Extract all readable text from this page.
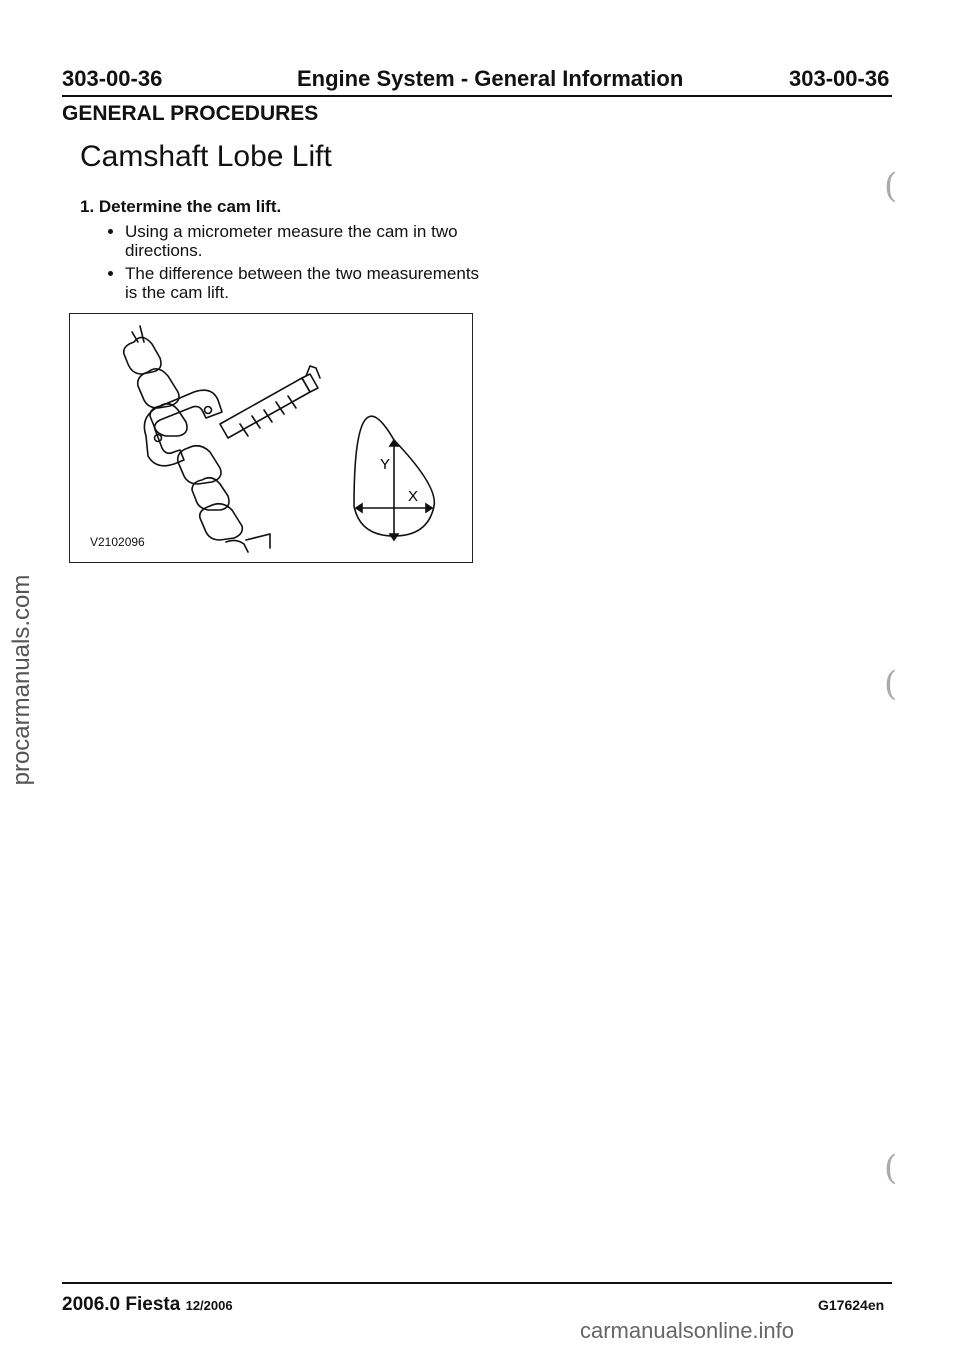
303-00-36	Engine System - General Information	303-00-36
GENERAL PROCEDURES
Camshaft Lobe Lift
1. Determine the cam lift.
• Using a micrometer measure the cam in two directions.
• The difference between the two measurements is the cam lift.
Y
X
V2102096
(
(
(
procarmanuals.com
2006.0 Fiesta 12/2006	G17624en
carmanualsonline.info
